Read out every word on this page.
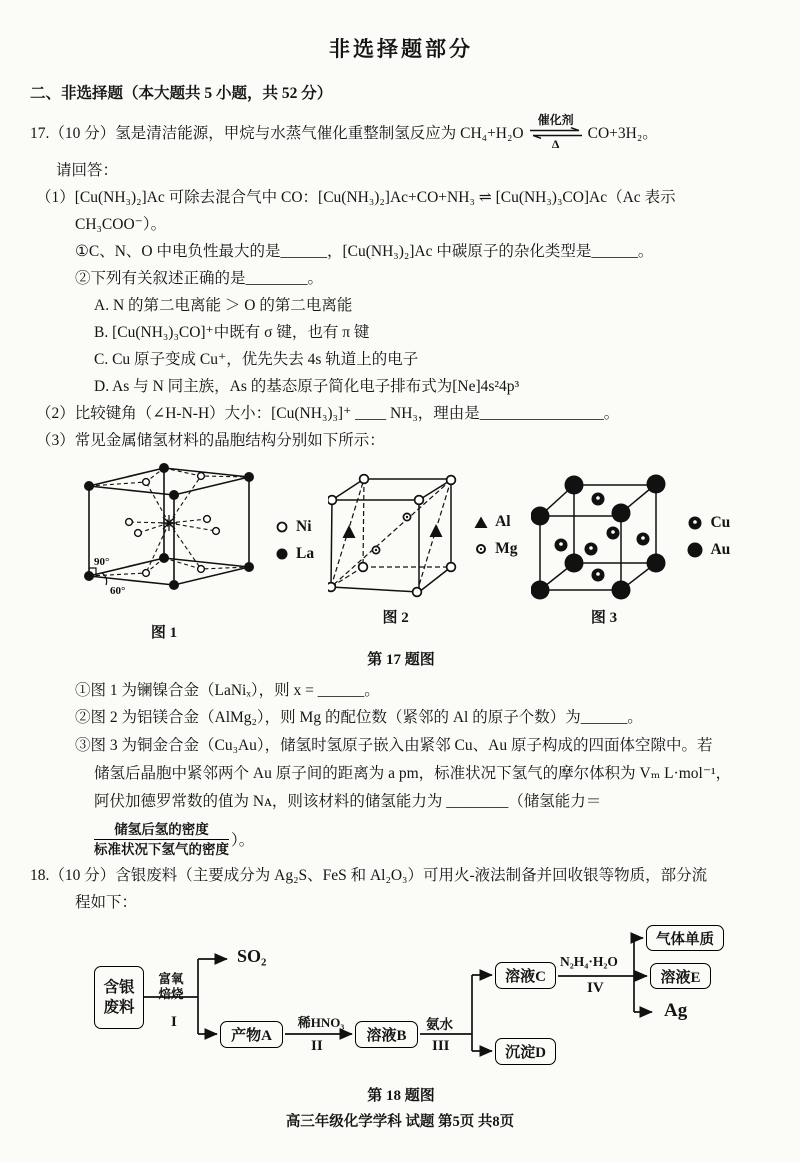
非选择题部分
二、非选择题（本大题共 5 小题，共 52 分）
17.（10 分）氢是清洁能源，甲烷与水蒸气催化重整制氢反应为 CH₄+H₂O
催化剂
Δ
CO+3H₂。
请回答：
（1）[Cu(NH₃)₂]Ac 可除去混合气中 CO：[Cu(NH₃)₂]Ac+CO+NH₃ ⇌ [Cu(NH₃)₃CO]Ac（Ac 表示
CH₃COO⁻）。
①C、N、O 中电负性最大的是______，[Cu(NH₃)₂]Ac 中碳原子的杂化类型是______。
②下列有关叙述正确的是________。
A. N 的第二电离能 ＞ O 的第二电离能
B. [Cu(NH₃)₃CO]⁺中既有 σ 键，也有 π 键
C. Cu 原子变成 Cu⁺，优先失去 4s 轨道上的电子
D. As 与 N 同主族，As 的基态原子简化电子排布式为[Ne]4s²4p³
（2）比较键角（∠H-N-H）大小：[Cu(NH₃)₃]⁺ ____ NH₃，理由是________________。
（3）常见金属储氢材料的晶胞结构分别如下所示：
90°
60°
Ni
La
图 1
Al
Mg
图 2
Cu
Au
图 3
第 17 题图
①图 1 为镧镍合金（LaNiₓ），则 x = ______。
②图 2 为铝镁合金（AlMg₂），则 Mg 的配位数（紧邻的 Al 的原子个数）为______。
③图 3 为铜金合金（Cu₃Au），储氢时氢原子嵌入由紧邻 Cu、Au 原子构成的四面体空隙中。若
储氢后晶胞中紧邻两个 Au 原子间的距离为 a pm，标准状况下氢气的摩尔体积为 Vₘ L·mol⁻¹，
阿伏加德罗常数的值为 Nᴀ，则该材料的储氢能力为 ________（储氢能力＝
$\frac{\text{储氢后氢的密度}}{\text{标准状况下氢气的密度}}$ ）。
18.（10 分）含银废料（主要成分为 Ag₂S、FeS 和 Al₂O₃）可用火-液法制备并回收银等物质，部分流
程如下：
含银废料
富氧焙烧
I
SO₂
产物A
稀HNO₃
II
溶液B
氨水
III
溶液C
沉淀D
N₂H₄·H₂O
IV
气体单质
溶液E
Ag
第 18 题图
高三年级化学学科 试题 第5页 共8页
